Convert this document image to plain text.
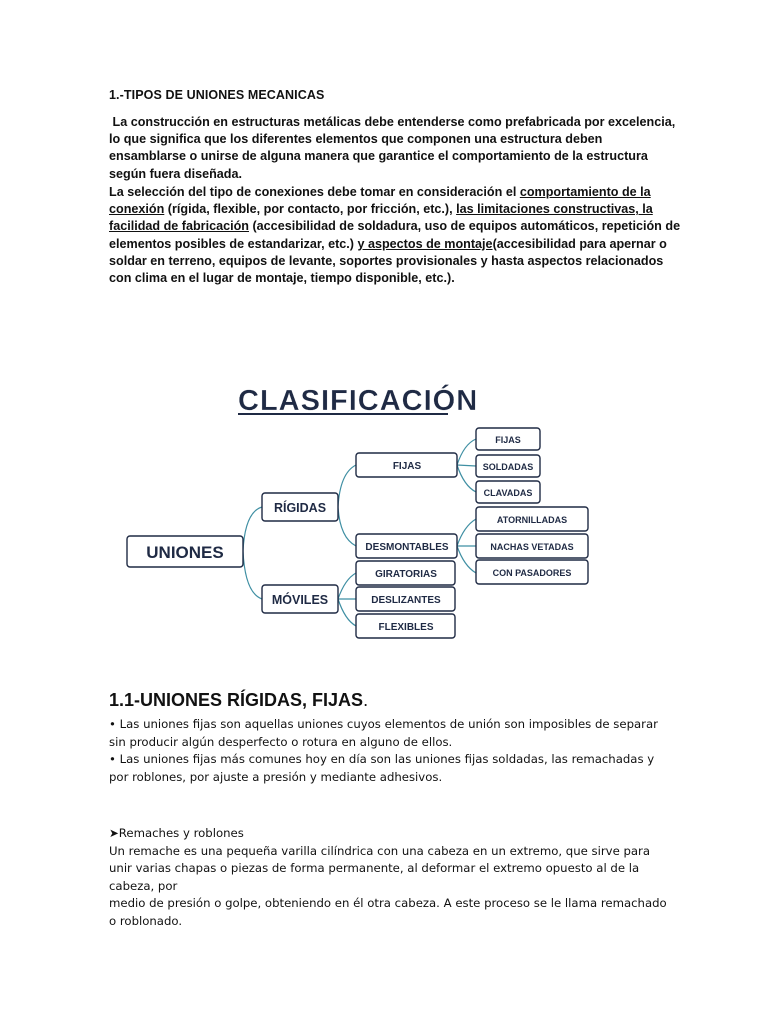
1.-TIPOS DE UNIONES MECANICAS
La construcción en estructuras metálicas debe entenderse como prefabricada por excelencia,
lo que significa que los diferentes elementos que componen una estructura deben
ensamblarse o unirse de alguna manera que garantice el comportamiento de la estructura
según fuera diseñada.
La selección del tipo de conexiones debe tomar en consideración el comportamiento de la
conexión (rígida, flexible, por contacto, por fricción, etc.), las limitaciones constructivas, la
facilidad de fabricación (accesibilidad de soldadura, uso de equipos automáticos, repetición de
elementos posibles de estandarizar, etc.) y aspectos de montaje(accesibilidad para apernar o
soldar en terreno, equipos de levante, soportes provisionales y hasta aspectos relacionados
con clima en el lugar de montaje, tiempo disponible, etc.).
CLASIFICACIÓN
UNIONES
RÍGIDAS
MÓVILES
FIJAS
DESMONTABLES
GIRATORIAS
DESLIZANTES
FLEXIBLES
FIJAS
SOLDADAS
CLAVADAS
ATORNILLADAS
NACHAS VETADAS
CON PASADORES
1.1-UNIONES RÍGIDAS, FIJAS.
• Las uniones fijas son aquellas uniones cuyos elementos de unión son imposibles de separar
sin producir algún desperfecto o rotura en alguno de ellos.
• Las uniones fijas más comunes hoy en día son las uniones fijas soldadas, las remachadas y
por roblones, por ajuste a presión y mediante adhesivos.
➤Remaches y roblones
Un remache es una pequeña varilla cilíndrica con una cabeza en un extremo, que sirve para
unir varias chapas o piezas de forma permanente, al deformar el extremo opuesto al de la
cabeza, por
medio de presión o golpe, obteniendo en él otra cabeza. A este proceso se le llama remachado
o roblonado.
